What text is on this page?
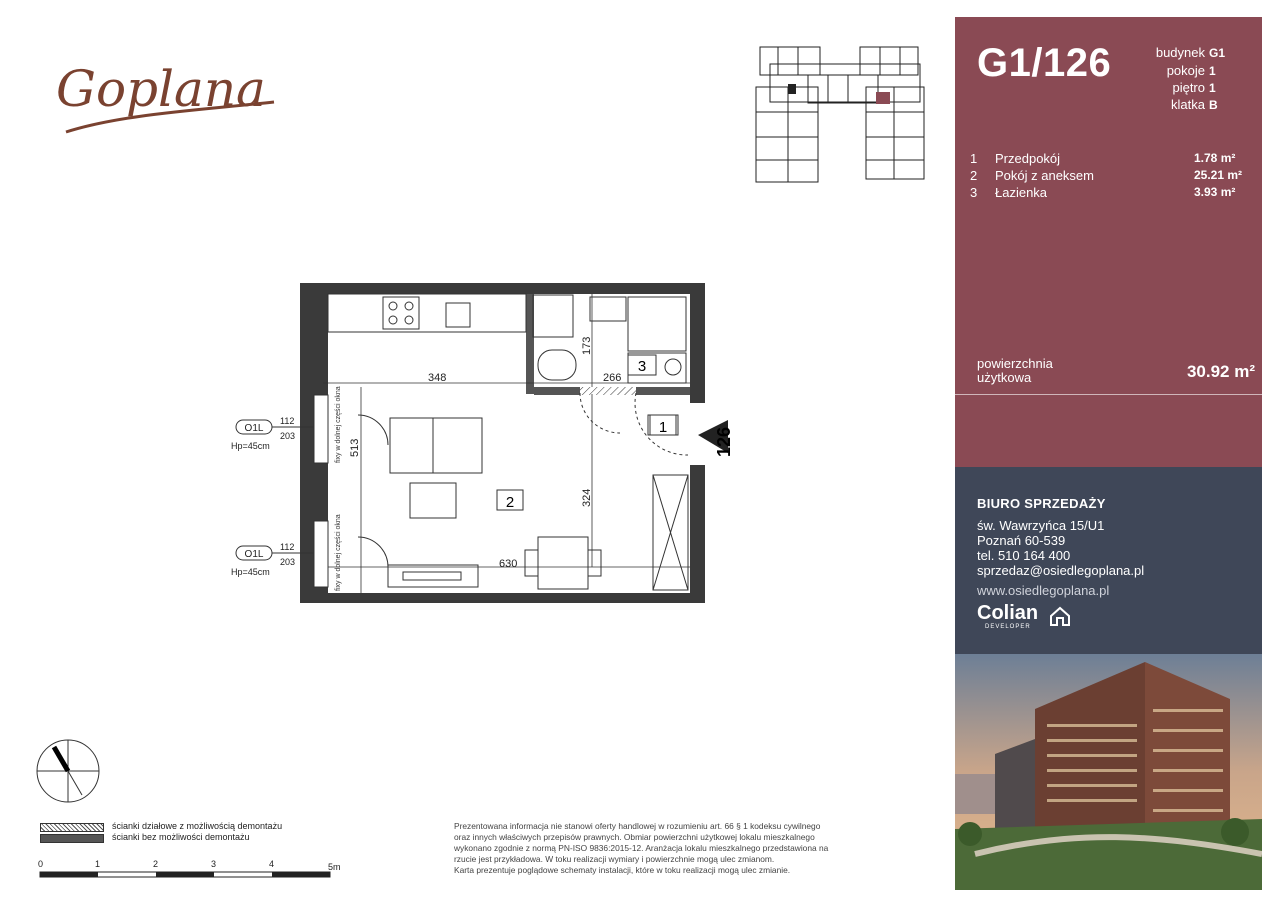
Goplana
1
2
3
348	266
173
513
324
630
fixy w dolnej części okna
fixy w dolnej części okna
O1L
112
203
Hp=45cm
O1L
112
203
Hp=45cm
126
G1/126	budynek G1
pokoje 1
piętro 1
klatka B
1 Przedpokój	1.78 m²
2 Pokój z aneksem	25.21 m²
3 Łazienka	3.93 m²
powierzchnia
użytkowa	30.92 m²
BIURO SPRZEDAŻY
św. Wawrzyńca 15/U1
Poznań 60-539
tel. 510 164 400
sprzedaz@osiedlegoplana.pl
www.osiedlegoplana.pl
Colian
DEVELOPER
ścianki działowe z możliwością demontażu
ścianki bez możliwości demontażu
0	1	2	3	4	5m
Prezentowana informacja nie stanowi oferty handlowej w rozumieniu art. 66 § 1 kodeksu cywilnego
oraz innych właściwych przepisów prawnych. Obmiar powierzchni użytkowej lokalu mieszkalnego
wykonano zgodnie z normą PN-ISO 9836:2015-12. Aranżacja lokalu mieszkalnego przedstawiona na
rzucie jest przykładowa. W toku realizacji wymiary i powierzchnie mogą ulec zmianom.
Karta prezentuje poglądowe schematy instalacji, które w toku realizacji mogą ulec zmianie.
